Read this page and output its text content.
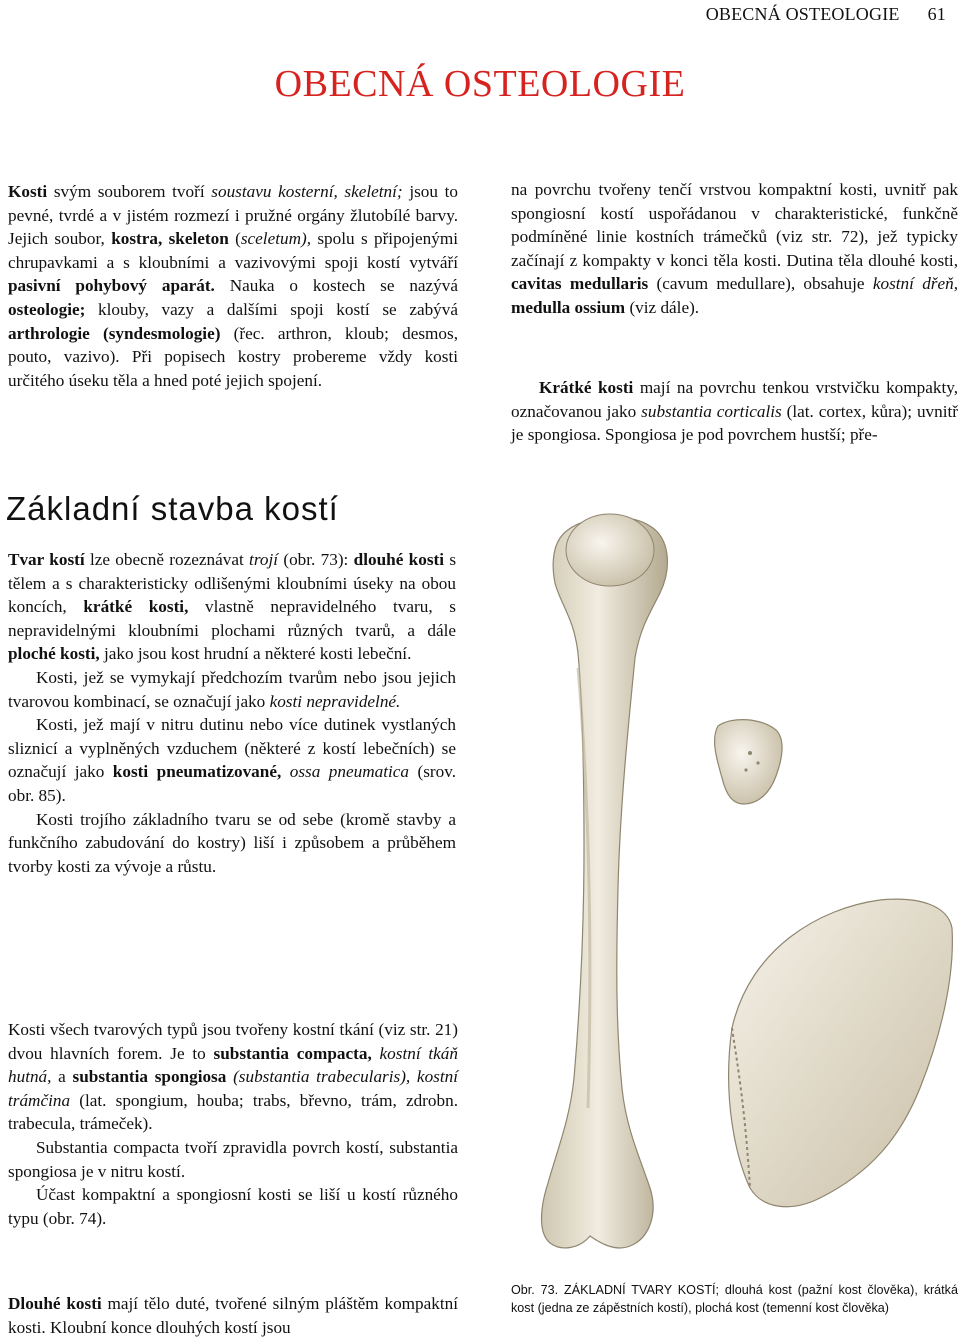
OBECNÁ OSTEOLOGIE 61
OBECNÁ OSTEOLOGIE
Kosti svým souborem tvoří soustavu kosterní, skeletní; jsou to pevné, tvrdé a v jistém rozmezí i pružné orgány žlutobílé barvy. Jejich soubor, kostra, skeleton (sceletum), spolu s připojenými chrupavkami a s kloubními a vazivovými spoji kostí vytváří pasivní pohybový aparát. Nauka o kostech se nazývá osteologie; klouby, vazy a dalšími spoji kostí se zabývá arthrologie (syndesmologie) (řec. arthron, kloub; desmos, pouto, vazivo). Při popisech kostry probereme vždy kosti určitého úseku těla a hned poté jejich spojení.
Základní stavba kostí

Tvar kostí lze obecně rozeznávat trojí (obr. 73): dlouhé kosti s tělem a s charakteristicky odlišenými kloubními úseky na obou koncích, krátké kosti, vlastně nepravidelného tvaru, s nepravidelnými kloubními plochami různých tvarů, a dále ploché kosti, jako jsou kost hrudní a některé kosti lebeční.

Kosti, jež se vymykají předchozím tvarům nebo jsou jejich tvarovou kombinací, se označují jako kosti nepravidelné.

Kosti, jež mají v nitru dutinu nebo více dutinek vystlaných sliznicí a vyplněných vzduchem (některé z kostí lebečních) se označují jako kosti pneumatizované, ossa pneumatica (srov. obr. 85).

Kosti trojího základního tvaru se od sebe (kromě stavby a funkčního zabudování do kostry) liší i způsobem a průběhem tvorby kosti za vývoje a růstu.

Kosti všech tvarových typů jsou tvořeny kostní tkání (viz str. 21) dvou hlavních forem. Je to substantia compacta, kostní tkáň hutná, a substantia spongiosa (substantia trabecularis), kostní trámčina (lat. spongium, houba; trabs, břevno, trám, zdrobn. trabecula, trámeček).

Substantia compacta tvoří zpravidla povrch kostí, substantia spongiosa je v nitru kostí.

Účast kompaktní a spongiosní kosti se liší u kostí různého typu (obr. 74).

Dlouhé kosti mají tělo duté, tvořené silným pláštěm kompaktní kosti. Kloubní konce dlouhých kostí jsou
na povrchu tvořeny tenčí vrstvou kompaktní kosti, uvnitř pak spongiosní kostí uspořádanou v charakteristické, funkčně podmíněné linie kostních trámečků (viz str. 72), jež typicky začínají z kompakty v konci těla kosti. Dutina těla dlouhé kosti, cavitas medullaris (cavum medullare), obsahuje kostní dřeň, medulla ossium (viz dále).
Krátké kosti mají na povrchu tenkou vrstvičku kompakty, označovanou jako substantia corticalis (lat. cortex, kůra); uvnitř je spongiosa. Spongiosa je pod povrchem hustší; pře-
Obr. 73. ZÁKLADNÍ TVARY KOSTÍ; dlouhá kost (pažní kost člověka), krátká kost (jedna ze zápěstních kostí), plochá kost (temenní kost člověka)
